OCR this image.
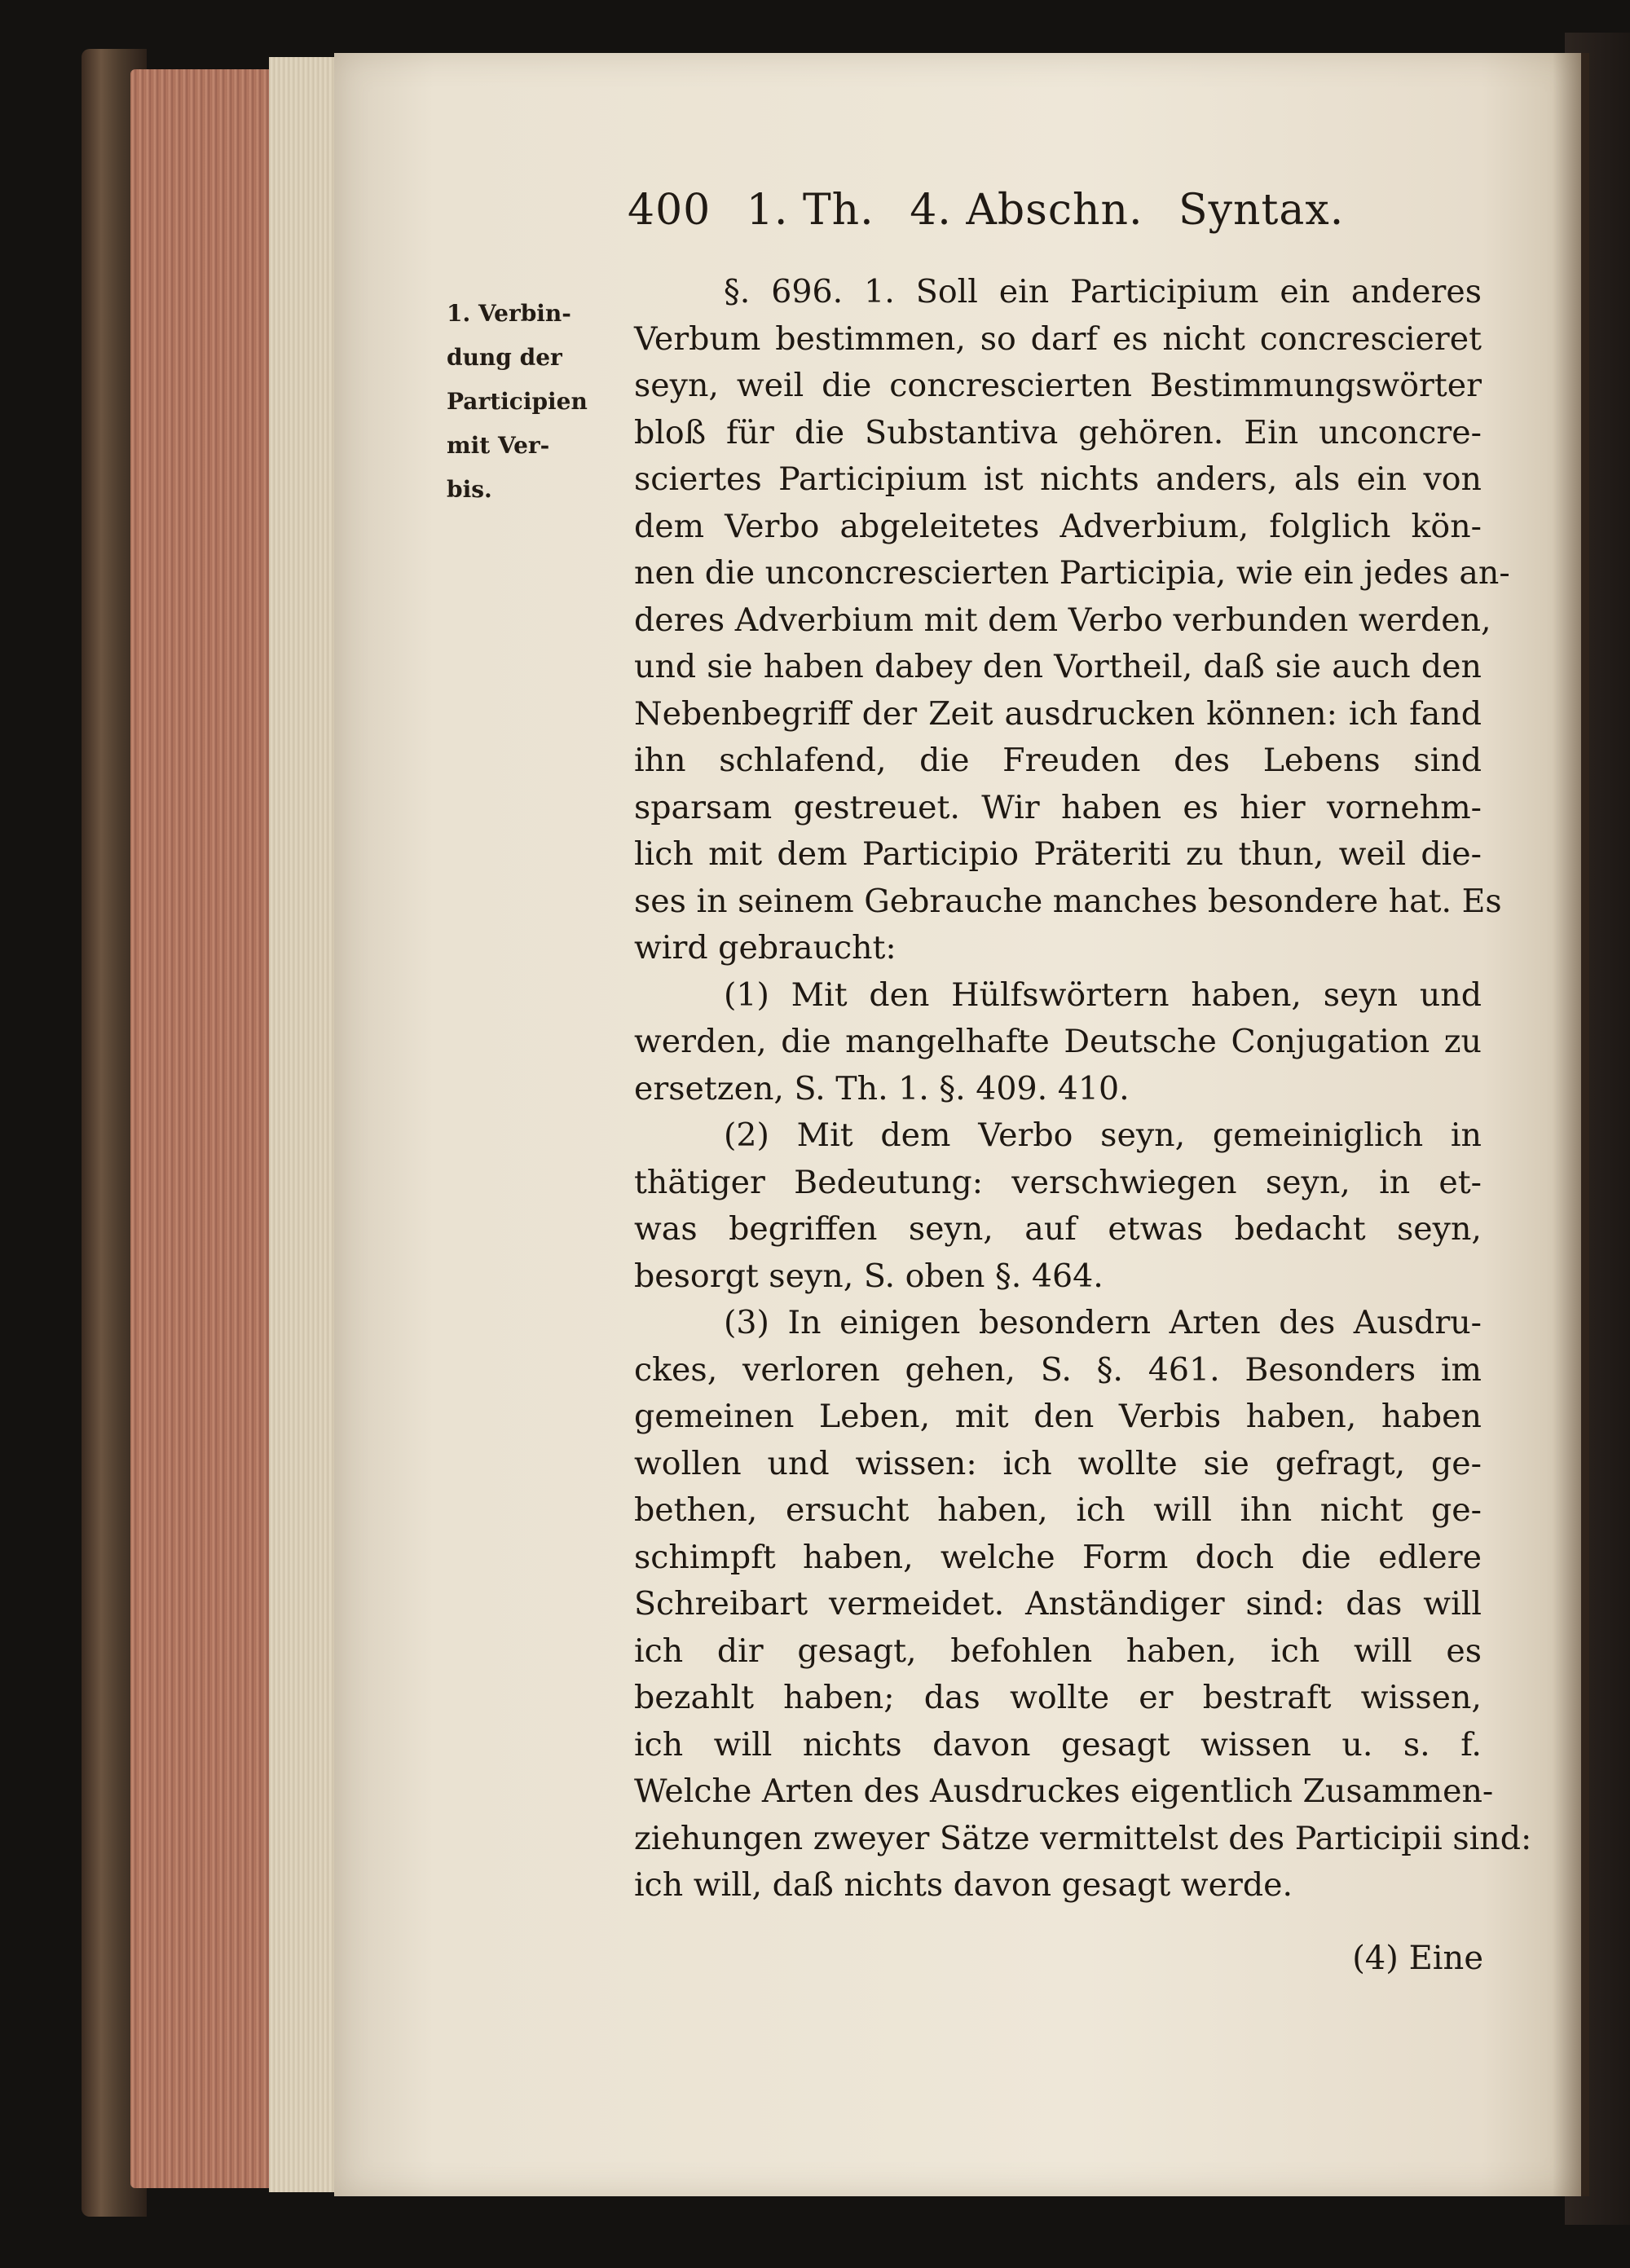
400 1. Th. 4. Abschn. Syntax.
1. Verbin-
dung der
Participien
mit Ver-
bis.
§. 696. 1. Soll ein Participium ein anderes
Verbum bestimmen, so darf es nicht concrescieret
seyn, weil die concrescierten Bestimmungswörter
bloß für die Substantiva gehören. Ein unconcre-
sciertes Participium ist nichts anders, als ein von
dem Verbo abgeleitetes Adverbium, folglich kön-
nen die unconcrescierten Participia, wie ein jedes an-
deres Adverbium mit dem Verbo verbunden werden,
und sie haben dabey den Vortheil, daß sie auch den
Nebenbegriff der Zeit ausdrucken können: ich fand
ihn schlafend, die Freuden des Lebens sind
sparsam gestreuet. Wir haben es hier vornehm-
lich mit dem Participio Präteriti zu thun, weil die-
ses in seinem Gebrauche manches besondere hat. Es
wird gebraucht:
(1) Mit den Hülfswörtern haben, seyn und
werden, die mangelhafte Deutsche Conjugation zu
ersetzen, S. Th. 1. §. 409. 410.
(2) Mit dem Verbo seyn, gemeiniglich in
thätiger Bedeutung: verschwiegen seyn, in et-
was begriffen seyn, auf etwas bedacht seyn,
besorgt seyn, S. oben §. 464.
(3) In einigen besondern Arten des Ausdru-
ckes, verloren gehen, S. §. 461. Besonders im
gemeinen Leben, mit den Verbis haben, haben
wollen und wissen: ich wollte sie gefragt, ge-
bethen, ersucht haben, ich will ihn nicht ge-
schimpft haben, welche Form doch die edlere
Schreibart vermeidet. Anständiger sind: das will
ich dir gesagt, befohlen haben, ich will es
bezahlt haben; das wollte er bestraft wissen,
ich will nichts davon gesagt wissen u. s. f.
Welche Arten des Ausdruckes eigentlich Zusammen-
ziehungen zweyer Sätze vermittelst des Participii sind:
ich will, daß nichts davon gesagt werde.
(4) Eine
